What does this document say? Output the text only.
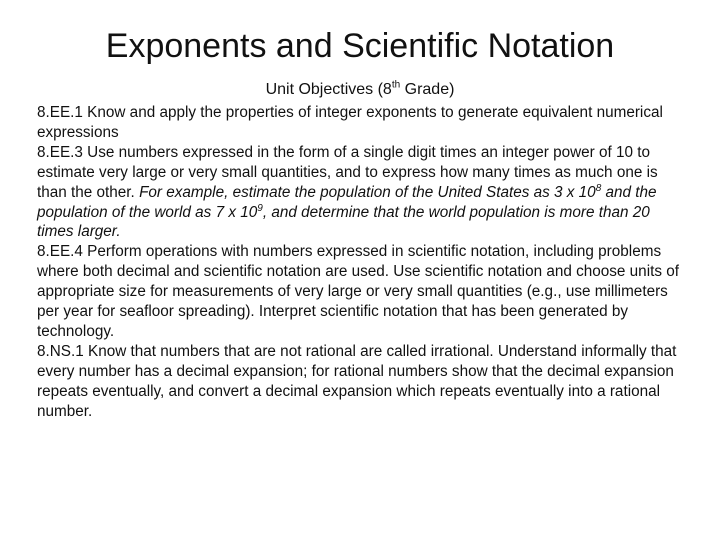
Exponents and Scientific Notation
Unit Objectives (8th Grade)

8.EE.1 Know and apply the properties of integer exponents to generate equivalent numerical expressions

8.EE.3 Use numbers expressed in the form of a single digit times an integer power of 10 to estimate very large or very small quantities, and to express how many times as much one is than the other. For example, estimate the population of the United States as 3 x $10^8$ and the population of the world as 7 x $10^9$, and determine that the world population is more than 20 times larger.

8.EE.4 Perform operations with numbers expressed in scientific notation, including problems where both decimal and scientific notation are used. Use scientific notation and choose units of appropriate size for measurements of very large or very small quantities (e.g., use millimeters per year for seafloor spreading). Interpret scientific notation that has been generated by technology.

8.NS.1 Know that numbers that are not rational are called irrational. Understand informally that every number has a decimal expansion; for rational numbers show that the decimal expansion repeats eventually, and convert a decimal expansion which repeats eventually into a rational number.
